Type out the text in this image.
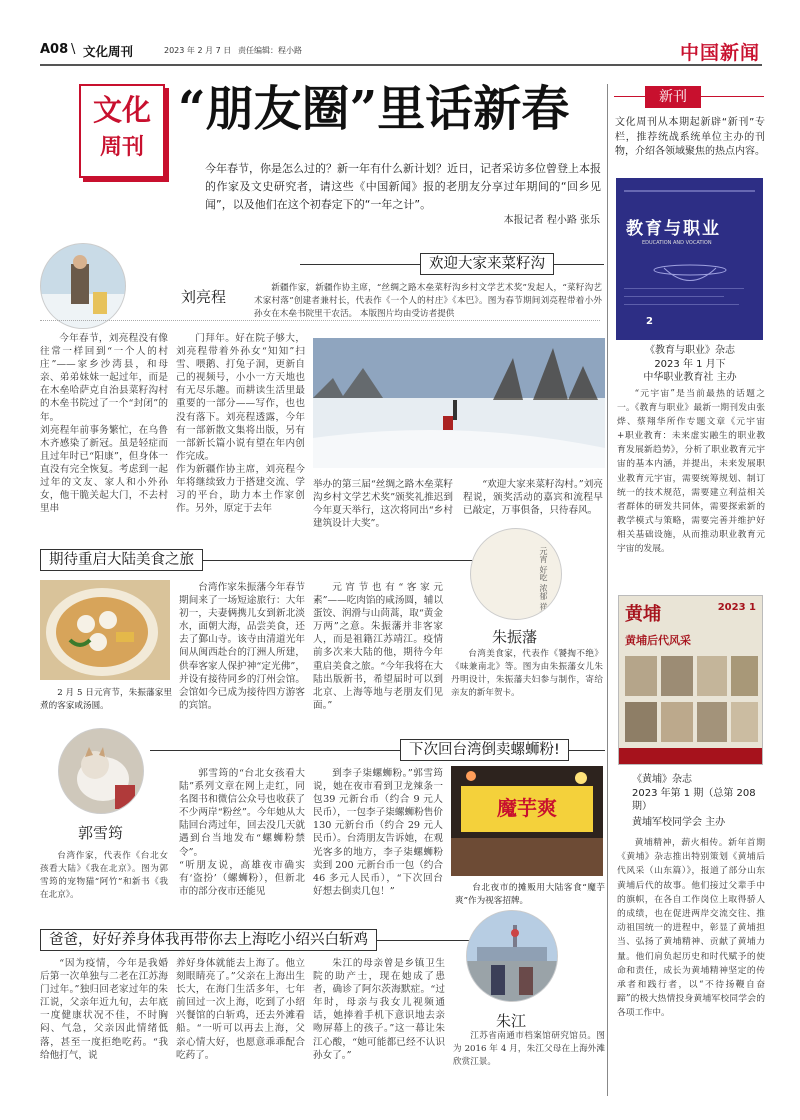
A08 \ 文化周刊	2023 年 2 月 7 日 责任编辑：程小路	中国新闻
文化
周刊
“朋友圈”里话新春
今年春节，你是怎么过的？新一年有什么新计划？近日，记者采访多位曾登上本报的作家及文史研究者，请这些《中国新闻》报的老朋友分享过年期间的“回乡见闻”，以及他们在这个初春定下的“一年之计”。
本报记者 程小路 张乐
新刊
文化周刊从本期起新辟“新刊”专栏，推荐统战系统单位主办的刊物，介绍各领域聚焦的热点内容。
教育与职业
EDUCATION AND VOCATION
2
《教育与职业》杂志
2023 年 1 月下
中华职业教育社 主办
“元宇宙”是当前最热的话题之一。《教育与职业》最新一期刊发由张烨、蔡翔华所作专题文章《元宇宙+职业教育：未来虚实融生的职业教育发展新趋势》，分析了职业教育元宇宙的基本内涵，并提出，未来发展职业教育元宇宙，需要统筹规划、制订统一的技术规范，需要建立利益相关者群体的研发共同体，需要探索新的教学模式与策略，需要完善并维护好相关基础设施，从而推动职业教育元宇宙的发展。
黄埔	2023 1
黄埔后代风采
《黄埔》杂志
2023 年第 1 期（总第 208 期）
黄埔军校同学会 主办
黄埔精神，薪火相传。新年首期《黄埔》杂志推出特别策划《黄埔后代风采（山东篇）》，报道了部分山东黄埔后代的故事。他们接过父辈手中的旗帜，在各自工作岗位上取得骄人的成绩，也在促进两岸交流交往、推动祖国统一的进程中，彰显了黄埔担当、弘扬了黄埔精神、贡献了黄埔力量。他们肩负起历史和时代赋予的使命和责任，成长为黄埔精神坚定的传承者和践行者，以“不待扬鞭自奋蹄”的极大热情投身黄埔军校同学会的各项工作中。
欢迎大家来菜籽沟
刘亮程	新疆作家，新疆作协主席，“丝绸之路木垒菜籽沟乡村文学艺术奖”发起人，“菜籽沟艺术家村落”创建者兼村长，代表作《一个人的村庄》《本巴》。图为春节期间刘亮程带着小外孙女在木垒书院里干农活。 本版图片均由受访者提供
今年春节，刘亮程没有像往常一样回到“一个人的村庄”——家乡沙湾县，和母亲、弟弟妹妹一起过年，而是在木垒哈萨克自治县菜籽沟村的木垒书院过了一个“封闭”的年。
刘亮程年前事务繁忙，在乌鲁木齐感染了新冠。虽是轻症而且过年时已“阳康”，但身体一直没有完全恢复。考虑到一起过年的文友、家人和小外孙女，他干脆关起大门，不去村里串
门拜年。好在院子够大，刘亮程带着外孙女“知知”扫雪、喂鹅、打兔子洞，更新自己的视频号，小小一方天地也有无尽乐趣。而耕读生活里最重要的一部分——写作，也也没有落下。刘亮程透露，今年有一部新散文集将出版，另有一部新长篇小说有望在年内创作完成。
作为新疆作协主席，刘亮程今年将继续致力于搭建交流、学习的平台，助力本土作家创作。另外，原定于去年
举办的第三届“丝绸之路木垒菜籽沟乡村文学艺术奖”颁奖礼推迟到今年夏天举行，这次将同出“乡村建筑设计大奖”。
“欢迎大家来菜籽沟村。”刘亮程说，颁奖活动的嘉宾和流程早已敲定，万事俱备，只待春风。
期待重启大陆美食之旅
2 月 5 日元宵节，朱振藩家里煮的客家咸汤圆。
台湾作家朱振藩今年春节期间来了一场短途旅行：大年初一，夫妻俩携儿女到新北淡水，面朝大海，品尝美食，还去了鄞山寺。该寺由清道光年间从闽西赴台的汀洲人所建，供奉客家人保护神“定光佛”，并设有接待同乡的汀州会馆。会馆如今已成为接待四方游客的宾馆。
元宵节也有“客家元素”——吃肉馅的咸汤圆，辅以蛋饺、润滑与山茼蒿，取“黄金万两”之意。朱振藩并非客家人，而是祖籍江苏靖江。疫情前多次来大陆的他，期待今年重启美食之旅。“今年我将在大陆出版新书，希望届时可以到北京、上海等地与老朋友们见面。”
元宵 好吃 浓郁 祥瑞
朱振藩
台湾美食家，代表作《饕掏不绝》《味兼南北》等。图为由朱振藩女儿朱丹明设计，朱振藩夫妇参与制作，寄给亲友的新年贺卡。
下次回台湾倒卖螺蛳粉!
郭雪筠
台湾作家，代表作《台北女孩看大陆》《我在北京》。图为郭雪筠的宠物猫“阿竹”和新书《我在北京》。
郭雪筠的“台北女孩看大陆”系列文章在网上走红，同名图书和微信公众号也收获了不少两岸“粉丝”。今年她从大陆回台湾过年，回去没几天就遇到台当地发布“螺蛳粉禁令”。
“听朋友说，高雄夜市确实有‘盗扮’（螺蛳粉），但新北市的部分夜市还能见
到李子柒螺蛳粉。”郭雪筠说，她在夜市看到卫龙辣条一包39 元新台币（约合 9 元人民币），一包李子柒螺蛳粉售价 130 元新台币（约合 29 元人民币）。台湾朋友告诉她，在观光客多的地方，李子柒螺蛳粉卖到 200 元新台币一包（约合 46 多元人民币），“下次回台好想去倒卖几包！”
魔芋爽
台北夜市的摊贩用大陆客食“魔芋爽”作为视客招牌。
爸爸，好好养身体我再带你去上海吃小绍兴白斩鸡
“因为疫情，今年是我婚后第一次单独与二老在江苏海门过年。”独归回老家过年的朱江说，父亲年近九旬，去年底一度健康状况不佳，不时胸闷、气急，父亲因此情绪低落，甚至一度拒绝吃药。“我给他打气，说
养好身体就能去上海了。他立刻眼睛亮了。”父亲在上海出生长大，在海门生活多年，七年前回过一次上海，吃到了小绍兴餐馆的白斩鸡，还去外滩看船。“一听可以再去上海，父亲心情大好，也愿意乖乖配合吃药了。
朱江的母亲曾是乡镇卫生院的助产士，现在她成了患者，确诊了阿尔茨海默症。“过年时，母亲与我女儿视频通话，她捧着手机下意识地去亲吻屏幕上的孩子。”这一幕让朱江心酸，“她可能都已经不认识孙女了。”
朱江
江苏省南通市档案馆研究馆员。图为 2016 年 4 月，朱江父母在上海外滩欣赏江景。
